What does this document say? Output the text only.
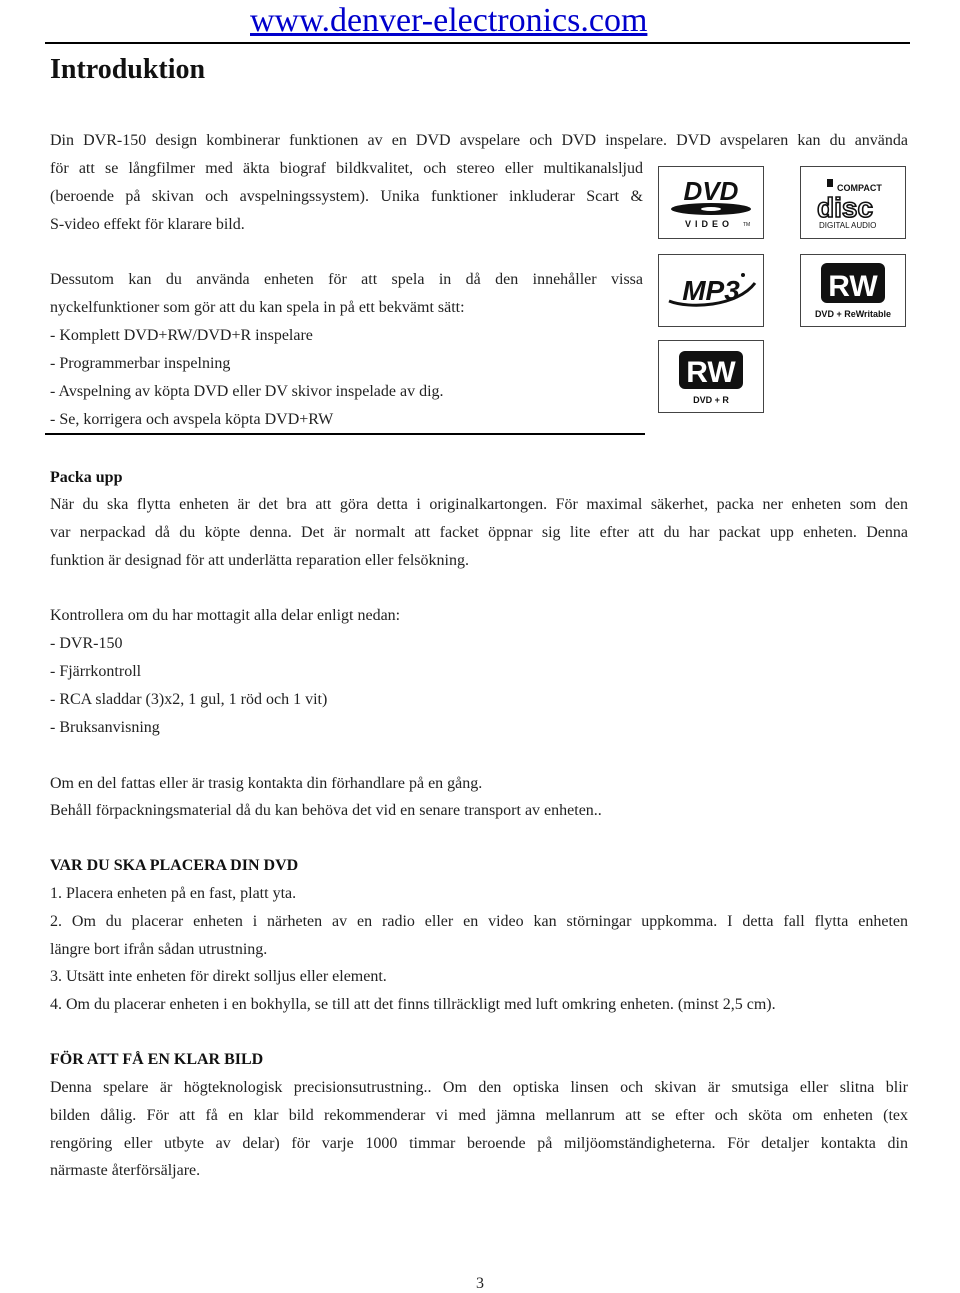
www.denver-electronics.com
Introduktion
Din DVR-150 design kombinerar funktionen av en DVD avspelare och DVD inspelare. DVD avspelaren kan du använda
för att se långfilmer med äkta biograf bildkvalitet, och stereo eller multikanalsljud
(beroende på skivan och avspelningssystem). Unika funktioner inkluderar Scart &
S-video effekt för klarare bild.
Dessutom kan du använda enheten för att spela in då den innehåller vissa
nyckelfunktioner som gör att du kan spela in på ett bekvämt sätt:
- Komplett DVD+RW/DVD+R inspelare
- Programmerbar inspelning
- Avspelning av köpta DVD eller DV skivor inspelade av dig.
- Se, korrigera och avspela köpta DVD+RW
DVD
VIDEO TM
COMPACT
disc
DIGITAL AUDIO
MP3	RW
DVD + ReWritable
RW
DVD + R
Packa upp
När du ska flytta enheten är det bra att göra detta i originalkartongen. För maximal säkerhet, packa ner enheten som den
var nerpackad då du köpte denna. Det är normalt att facket öppnar sig lite efter att du har packat upp enheten. Denna
funktion är designad för att underlätta reparation eller felsökning.
Kontrollera om du har mottagit alla delar enligt nedan:
- DVR-150
- Fjärrkontroll
- RCA sladdar (3)x2, 1 gul, 1 röd och 1 vit)
- Bruksanvisning
Om en del fattas eller är trasig kontakta din förhandlare på en gång.
Behåll förpackningsmaterial då du kan behöva det vid en senare transport av enheten..
VAR DU SKA PLACERA DIN DVD
1. Placera enheten på en fast, platt yta.
2. Om du placerar enheten i närheten av en radio eller en video kan störningar uppkomma. I detta fall flytta enheten
längre bort ifrån sådan utrustning.
3. Utsätt inte enheten för direkt solljus eller element.
4. Om du placerar enheten i en bokhylla, se till att det finns tillräckligt med luft omkring enheten. (minst 2,5 cm).
FÖR ATT FÅ EN KLAR BILD
Denna spelare är högteknologisk precisionsutrustning.. Om den optiska linsen och skivan är smutsiga eller slitna blir
bilden dålig. För att få en klar bild rekommenderar vi med jämna mellanrum att se efter och sköta om enheten (tex
rengöring eller utbyte av delar) för varje 1000 timmar beroende på miljöomständigheterna. För detaljer kontakta din
närmaste återförsäljare.
3
